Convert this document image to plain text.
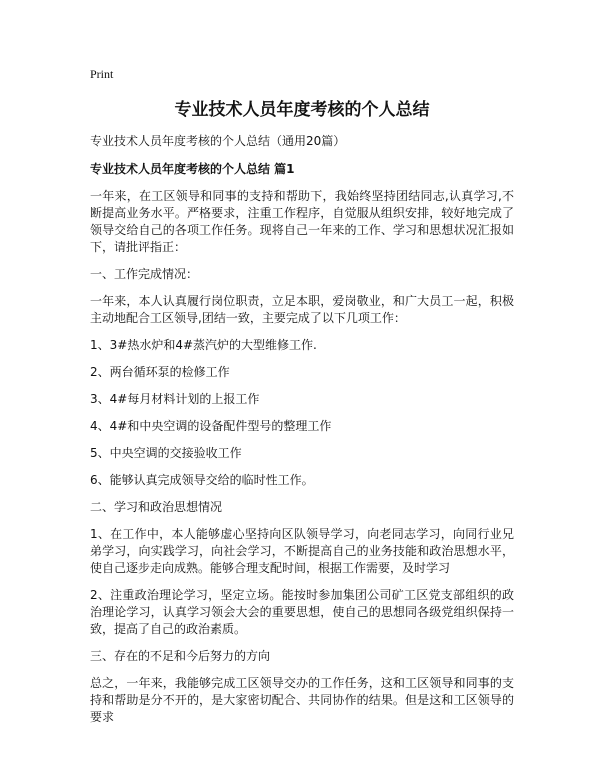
Print
专业技术人员年度考核的个人总结
专业技术人员年度考核的个人总结（通用20篇）
专业技术人员年度考核的个人总结 篇1

一年来，在工区领导和同事的支持和帮助下，我始终坚持团结同志,认真学习,不断提高业务水平。严格要求，注重工作程序，自觉服从组织安排，较好地完成了领导交给自己的各项工作任务。现将自己一年来的工作、学习和思想状况汇报如下，请批评指正：

一、工作完成情况：

一年来，本人认真履行岗位职责，立足本职，爱岗敬业，和广大员工一起，积极主动地配合工区领导,团结一致，主要完成了以下几项工作：

1、3#热水炉和4#蒸汽炉的大型维修工作.

2、两台循环泵的检修工作

3、4#每月材料计划的上报工作

4、4#和中央空调的设备配件型号的整理工作

5、中央空调的交接验收工作

6、能够认真完成领导交给的临时性工作。

二、学习和政治思想情况

1、在工作中，本人能够虚心坚持向区队领导学习，向老同志学习，向同行业兄弟学习，向实践学习，向社会学习，不断提高自己的业务技能和政治思想水平，使自己逐步走向成熟。能够合理支配时间，根据工作需要，及时学习

2、注重政治理论学习，坚定立场。能按时参加集团公司矿工区党支部组织的政治理论学习，认真学习领会大会的重要思想，使自己的思想同各级党组织保持一致，提高了自己的政治素质。

三、存在的不足和今后努力的方向

总之，一年来，我能够完成工区领导交办的工作任务，这和工区领导和同事的支持和帮助是分不开的，是大家密切配合、共同协作的结果。但是这和工区领导的要求
